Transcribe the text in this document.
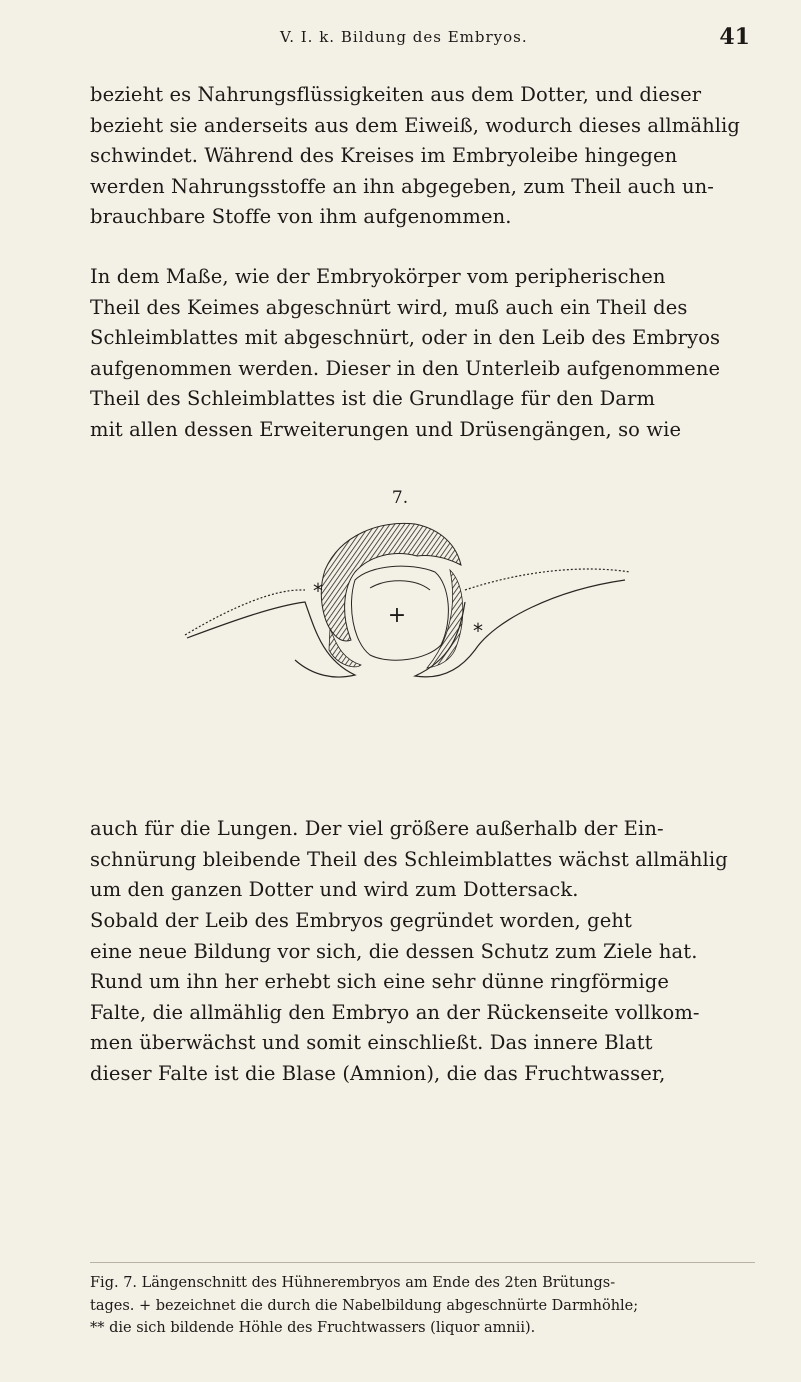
V. I. k. Bildung des Embryos.	41
bezieht es Nahrungsflüssigkeiten aus dem Dotter, und dieser
bezieht sie anderseits aus dem Eiweiß, wodurch dieses allmählig
schwindet. Während des Kreises im Embryoleibe hingegen
werden Nahrungsstoffe an ihn abgegeben, zum Theil auch un-
brauchbare Stoffe von ihm aufgenommen.
In dem Maße, wie der Embryokörper vom peripherischen
Theil des Keimes abgeschnürt wird, muß auch ein Theil des
Schleimblattes mit abgeschnürt, oder in den Leib des Embryos
aufgenommen werden. Dieser in den Unterleib aufgenommene
Theil des Schleimblattes ist die Grundlage für den Darm
mit allen dessen Erweiterungen und Drüsengängen, so wie
7.
+
*
*
auch für die Lungen. Der viel größere außerhalb der Ein-
schnürung bleibende Theil des Schleimblattes wächst allmählig
um den ganzen Dotter und wird zum Dottersack.
Sobald der Leib des Embryos gegründet worden, geht
eine neue Bildung vor sich, die dessen Schutz zum Ziele hat.
Rund um ihn her erhebt sich eine sehr dünne ringförmige
Falte, die allmählig den Embryo an der Rückenseite vollkom-
men überwächst und somit einschließt. Das innere Blatt
dieser Falte ist die Blase (Amnion), die das Fruchtwasser,
Fig. 7. Längenschnitt des Hühnerembryos am Ende des 2ten Brütungs-
tages. + bezeichnet die durch die Nabelbildung abgeschnürte Darmhöhle;
** die sich bildende Höhle des Fruchtwassers (liquor amnii).
